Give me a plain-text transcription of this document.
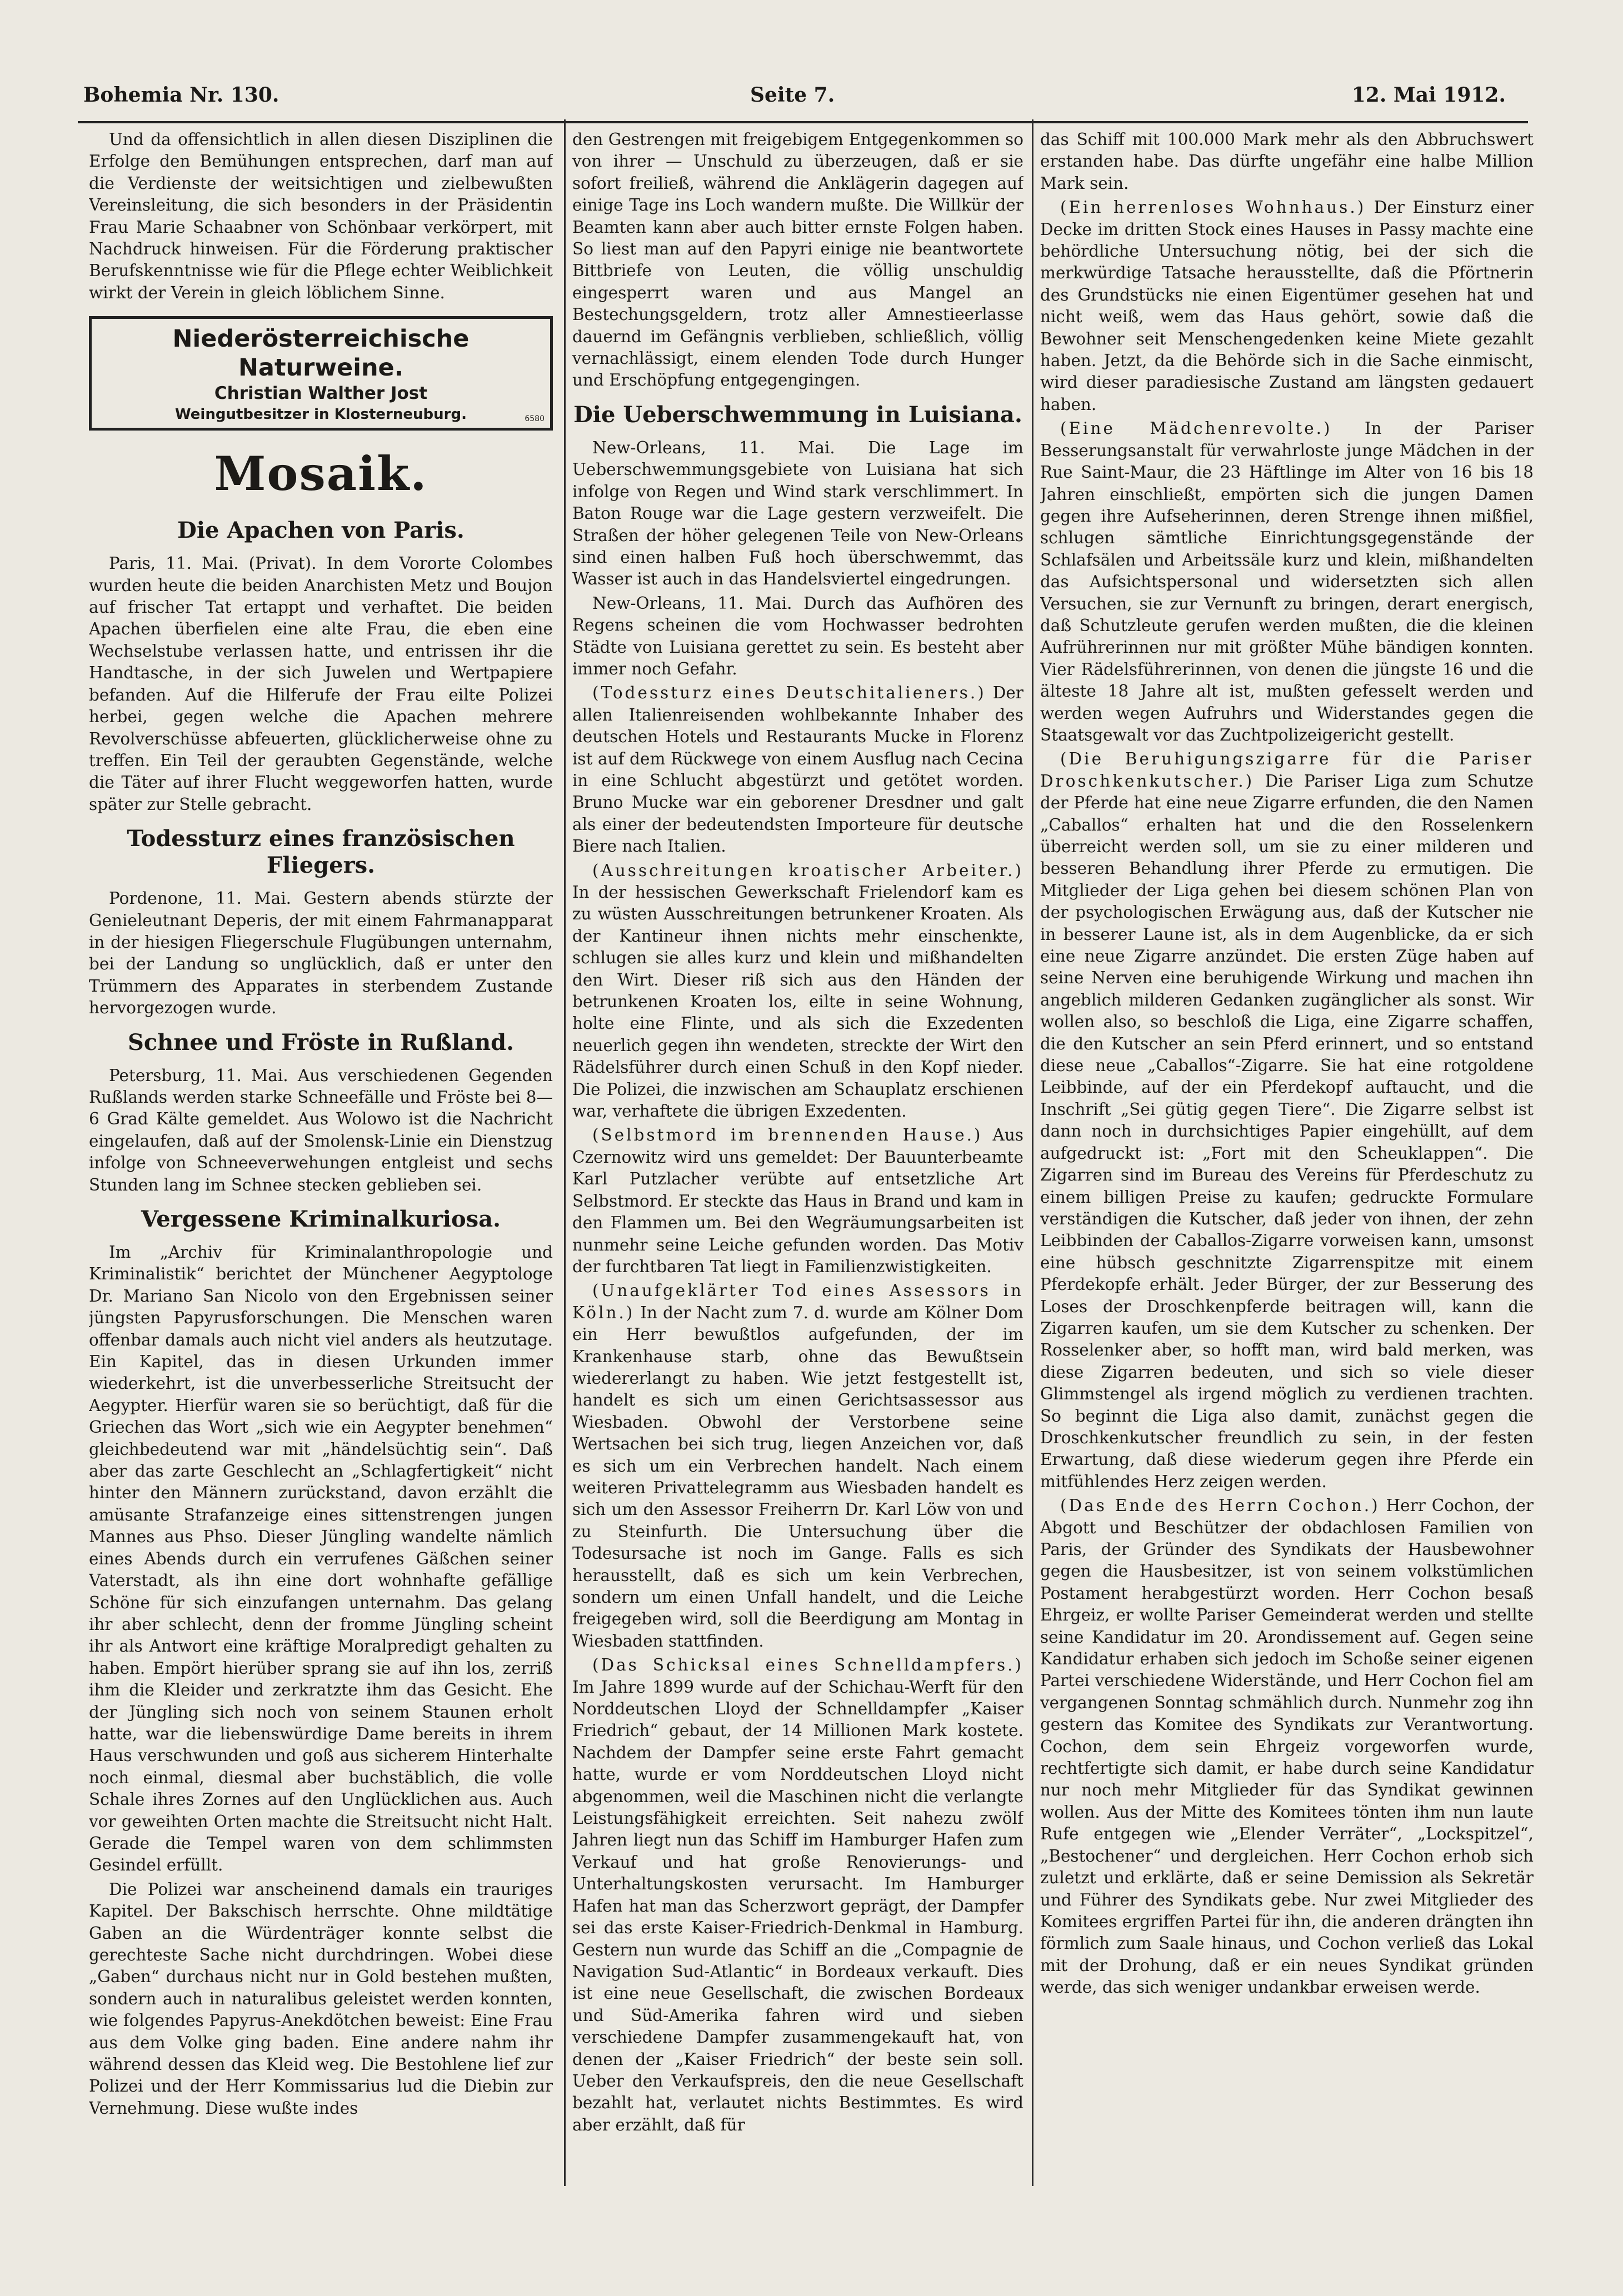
Bohemia Nr. 130.	Seite 7.	12. Mai 1912.

Und da offensichtlich in allen diesen Disziplinen die Erfolge den Bemühungen entsprechen, darf man auf die Verdienste der weitsichtigen und zielbewußten Vereinsleitung, die sich besonders in der Präsidentin Frau Marie Schaabner von Schönbaar verkörpert, mit Nachdruck hinweisen. Für die Förderung praktischer Berufskenntnisse wie für die Pflege echter Weiblichkeit wirkt der Verein in gleich löblichem Sinne.

Niederösterreichische Naturweine.
Christian Walther Jost
Weingutbesitzer in Klosterneuburg.	6580
Mosaik.
Die Apachen von Paris.

Paris, 11. Mai. (Privat). In dem Vororte Colombes wurden heute die beiden Anarchisten Metz und Boujon auf frischer Tat ertappt und verhaftet. Die beiden Apachen überfielen eine alte Frau, die eben eine Wechselstube verlassen hatte, und entrissen ihr die Handtasche, in der sich Juwelen und Wertpapiere befanden. Auf die Hilferufe der Frau eilte Polizei herbei, gegen welche die Apachen mehrere Revolverschüsse abfeuerten, glücklicherweise ohne zu treffen. Ein Teil der geraubten Gegenstände, welche die Täter auf ihrer Flucht weggeworfen hatten, wurde später zur Stelle gebracht.

Todessturz eines französischen Fliegers.

Pordenone, 11. Mai. Gestern abends stürzte der Genieleutnant Deperis, der mit einem Fahrmanapparat in der hiesigen Fliegerschule Flugübungen unternahm, bei der Landung so unglücklich, daß er unter den Trümmern des Apparates in sterbendem Zustande hervorgezogen wurde.

Schnee und Fröste in Rußland.

Petersburg, 11. Mai. Aus verschiedenen Gegenden Rußlands werden starke Schneefälle und Fröste bei 8—6 Grad Kälte gemeldet. Aus Wolowo ist die Nachricht eingelaufen, daß auf der Smolensk-Linie ein Dienstzug infolge von Schneeverwehungen entgleist und sechs Stunden lang im Schnee stecken geblieben sei.

Vergessene Kriminalkuriosa.

Im „Archiv für Kriminalanthropologie und Kriminalistik“ berichtet der Münchener Aegyptologe Dr. Mariano San Nicolo von den Ergebnissen seiner jüngsten Papyrusforschungen. Die Menschen waren offenbar damals auch nicht viel anders als heutzutage. Ein Kapitel, das in diesen Urkunden immer wiederkehrt, ist die unverbesserliche Streitsucht der Aegypter. Hierfür waren sie so berüchtigt, daß für die Griechen das Wort „sich wie ein Aegypter benehmen“ gleichbedeutend war mit „händelsüchtig sein“. Daß aber das zarte Geschlecht an „Schlagfertigkeit“ nicht hinter den Männern zurückstand, davon erzählt die amüsante Strafanzeige eines sittenstrengen jungen Mannes aus Phso. Dieser Jüngling wandelte nämlich eines Abends durch ein verrufenes Gäßchen seiner Vaterstadt, als ihn eine dort wohnhafte gefällige Schöne für sich einzufangen unternahm. Das gelang ihr aber schlecht, denn der fromme Jüngling scheint ihr als Antwort eine kräftige Moralpredigt gehalten zu haben. Empört hierüber sprang sie auf ihn los, zerriß ihm die Kleider und zerkratzte ihm das Gesicht. Ehe der Jüngling sich noch von seinem Staunen erholt hatte, war die liebenswürdige Dame bereits in ihrem Haus verschwunden und goß aus sicherem Hinterhalte noch einmal, diesmal aber buchstäblich, die volle Schale ihres Zornes auf den Unglücklichen aus. Auch vor geweihten Orten machte die Streitsucht nicht Halt. Gerade die Tempel waren von dem schlimmsten Gesindel erfüllt.

Die Polizei war anscheinend damals ein trauriges Kapitel. Der Bakschisch herrschte. Ohne mildtätige Gaben an die Würdenträger konnte selbst die gerechteste Sache nicht durchdringen. Wobei diese „Gaben“ durchaus nicht nur in Gold bestehen mußten, sondern auch in naturalibus geleistet werden konnten, wie folgendes Papyrus-Anekdötchen beweist: Eine Frau aus dem Volke ging baden. Eine andere nahm ihr während dessen das Kleid weg. Die Bestohlene lief zur Polizei und der Herr Kommissarius lud die Diebin zur Vernehmung. Diese wußte indes

den Gestrengen mit freigebigem Entgegenkommen so von ihrer — Unschuld zu überzeugen, daß er sie sofort freiließ, während die Anklägerin dagegen auf einige Tage ins Loch wandern mußte. Die Willkür der Beamten kann aber auch bitter ernste Folgen haben. So liest man auf den Papyri einige nie beantwortete Bittbriefe von Leuten, die völlig unschuldig eingesperrt waren und aus Mangel an Bestechungsgeldern, trotz aller Amnestieerlasse dauernd im Gefängnis verblieben, schließlich, völlig vernachlässigt, einem elenden Tode durch Hunger und Erschöpfung entgegengingen.

Die Ueberschwemmung in Luisiana.

New-Orleans, 11. Mai. Die Lage im Ueberschwemmungsgebiete von Luisiana hat sich infolge von Regen und Wind stark verschlimmert. In Baton Rouge war die Lage gestern verzweifelt. Die Straßen der höher gelegenen Teile von New-Orleans sind einen halben Fuß hoch überschwemmt, das Wasser ist auch in das Handelsviertel eingedrungen.

New-Orleans, 11. Mai. Durch das Aufhören des Regens scheinen die vom Hochwasser bedrohten Städte von Luisiana gerettet zu sein. Es besteht aber immer noch Gefahr.

(Todessturz eines Deutschitalieners.) Der allen Italienreisenden wohlbekannte Inhaber des deutschen Hotels und Restaurants Mucke in Florenz ist auf dem Rückwege von einem Ausflug nach Cecina in eine Schlucht abgestürzt und getötet worden. Bruno Mucke war ein geborener Dresdner und galt als einer der bedeutendsten Importeure für deutsche Biere nach Italien.

(Ausschreitungen kroatischer Arbeiter.) In der hessischen Gewerkschaft Frielendorf kam es zu wüsten Ausschreitungen betrunkener Kroaten. Als der Kantineur ihnen nichts mehr einschenkte, schlugen sie alles kurz und klein und mißhandelten den Wirt. Dieser riß sich aus den Händen der betrunkenen Kroaten los, eilte in seine Wohnung, holte eine Flinte, und als sich die Exzedenten neuerlich gegen ihn wendeten, streckte der Wirt den Rädelsführer durch einen Schuß in den Kopf nieder. Die Polizei, die inzwischen am Schauplatz erschienen war, verhaftete die übrigen Exzedenten.

(Selbstmord im brennenden Hause.) Aus Czernowitz wird uns gemeldet: Der Bauunterbeamte Karl Putzlacher verübte auf entsetzliche Art Selbstmord. Er steckte das Haus in Brand und kam in den Flammen um. Bei den Wegräumungsarbeiten ist nunmehr seine Leiche gefunden worden. Das Motiv der furchtbaren Tat liegt in Familienzwistigkeiten.

(Unaufgeklärter Tod eines Assessors in Köln.) In der Nacht zum 7. d. wurde am Kölner Dom ein Herr bewußtlos aufgefunden, der im Krankenhause starb, ohne das Bewußtsein wiedererlangt zu haben. Wie jetzt festgestellt ist, handelt es sich um einen Gerichtsassessor aus Wiesbaden. Obwohl der Verstorbene seine Wertsachen bei sich trug, liegen Anzeichen vor, daß es sich um ein Verbrechen handelt. Nach einem weiteren Privattelegramm aus Wiesbaden handelt es sich um den Assessor Freiherrn Dr. Karl Löw von und zu Steinfurth. Die Untersuchung über die Todesursache ist noch im Gange. Falls es sich herausstellt, daß es sich um kein Verbrechen, sondern um einen Unfall handelt, und die Leiche freigegeben wird, soll die Beerdigung am Montag in Wiesbaden stattfinden.

(Das Schicksal eines Schnelldampfers.) Im Jahre 1899 wurde auf der Schichau-Werft für den Norddeutschen Lloyd der Schnelldampfer „Kaiser Friedrich“ gebaut, der 14 Millionen Mark kostete. Nachdem der Dampfer seine erste Fahrt gemacht hatte, wurde er vom Norddeutschen Lloyd nicht abgenommen, weil die Maschinen nicht die verlangte Leistungsfähigkeit erreichten. Seit nahezu zwölf Jahren liegt nun das Schiff im Hamburger Hafen zum Verkauf und hat große Renovierungs- und Unterhaltungskosten verursacht. Im Hamburger Hafen hat man das Scherzwort geprägt, der Dampfer sei das erste Kaiser-Friedrich-Denkmal in Hamburg. Gestern nun wurde das Schiff an die „Compagnie de Navigation Sud-Atlantic“ in Bordeaux verkauft. Dies ist eine neue Gesellschaft, die zwischen Bordeaux und Süd-Amerika fahren wird und sieben verschiedene Dampfer zusammengekauft hat, von denen der „Kaiser Friedrich“ der beste sein soll. Ueber den Verkaufspreis, den die neue Gesellschaft bezahlt hat, verlautet nichts Bestimmtes. Es wird aber erzählt, daß für

das Schiff mit 100.000 Mark mehr als den Abbruchswert erstanden habe. Das dürfte ungefähr eine halbe Million Mark sein.

(Ein herrenloses Wohnhaus.) Der Einsturz einer Decke im dritten Stock eines Hauses in Passy machte eine behördliche Untersuchung nötig, bei der sich die merkwürdige Tatsache herausstellte, daß die Pförtnerin des Grundstücks nie einen Eigentümer gesehen hat und nicht weiß, wem das Haus gehört, sowie daß die Bewohner seit Menschengedenken keine Miete gezahlt haben. Jetzt, da die Behörde sich in die Sache einmischt, wird dieser paradiesische Zustand am längsten gedauert haben.

(Eine Mädchenrevolte.) In der Pariser Besserungsanstalt für verwahrloste junge Mädchen in der Rue Saint-Maur, die 23 Häftlinge im Alter von 16 bis 18 Jahren einschließt, empörten sich die jungen Damen gegen ihre Aufseherinnen, deren Strenge ihnen mißfiel, schlugen sämtliche Einrichtungsgegenstände der Schlafsälen und Arbeitssäle kurz und klein, mißhandelten das Aufsichtspersonal und widersetzten sich allen Versuchen, sie zur Vernunft zu bringen, derart energisch, daß Schutzleute gerufen werden mußten, die die kleinen Aufrührerinnen nur mit größter Mühe bändigen konnten. Vier Rädelsführerinnen, von denen die jüngste 16 und die älteste 18 Jahre alt ist, mußten gefesselt werden und werden wegen Aufruhrs und Widerstandes gegen die Staatsgewalt vor das Zuchtpolizeigericht gestellt.

(Die Beruhigungszigarre für die Pariser Droschkenkutscher.) Die Pariser Liga zum Schutze der Pferde hat eine neue Zigarre erfunden, die den Namen „Caballos“ erhalten hat und die den Rosselenkern überreicht werden soll, um sie zu einer milderen und besseren Behandlung ihrer Pferde zu ermutigen. Die Mitglieder der Liga gehen bei diesem schönen Plan von der psychologischen Erwägung aus, daß der Kutscher nie in besserer Laune ist, als in dem Augenblicke, da er sich eine neue Zigarre anzündet. Die ersten Züge haben auf seine Nerven eine beruhigende Wirkung und machen ihn angeblich milderen Gedanken zugänglicher als sonst. Wir wollen also, so beschloß die Liga, eine Zigarre schaffen, die den Kutscher an sein Pferd erinnert, und so entstand diese neue „Caballos“-Zigarre. Sie hat eine rotgoldene Leibbinde, auf der ein Pferdekopf auftaucht, und die Inschrift „Sei gütig gegen Tiere“. Die Zigarre selbst ist dann noch in durchsichtiges Papier eingehüllt, auf dem aufgedruckt ist: „Fort mit den Scheuklappen“. Die Zigarren sind im Bureau des Vereins für Pferdeschutz zu einem billigen Preise zu kaufen; gedruckte Formulare verständigen die Kutscher, daß jeder von ihnen, der zehn Leibbinden der Caballos-Zigarre vorweisen kann, umsonst eine hübsch geschnitzte Zigarrenspitze mit einem Pferdekopfe erhält. Jeder Bürger, der zur Besserung des Loses der Droschkenpferde beitragen will, kann die Zigarren kaufen, um sie dem Kutscher zu schenken. Der Rosselenker aber, so hofft man, wird bald merken, was diese Zigarren bedeuten, und sich so viele dieser Glimmstengel als irgend möglich zu verdienen trachten. So beginnt die Liga also damit, zunächst gegen die Droschkenkutscher freundlich zu sein, in der festen Erwartung, daß diese wiederum gegen ihre Pferde ein mitfühlendes Herz zeigen werden.

(Das Ende des Herrn Cochon.) Herr Cochon, der Abgott und Beschützer der obdachlosen Familien von Paris, der Gründer des Syndikats der Hausbewohner gegen die Hausbesitzer, ist von seinem volkstümlichen Postament herabgestürzt worden. Herr Cochon besaß Ehrgeiz, er wollte Pariser Gemeinderat werden und stellte seine Kandidatur im 20. Arondissement auf. Gegen seine Kandidatur erhaben sich jedoch im Schoße seiner eigenen Partei verschiedene Widerstände, und Herr Cochon fiel am vergangenen Sonntag schmählich durch. Nunmehr zog ihn gestern das Komitee des Syndikats zur Verantwortung. Cochon, dem sein Ehrgeiz vorgeworfen wurde, rechtfertigte sich damit, er habe durch seine Kandidatur nur noch mehr Mitglieder für das Syndikat gewinnen wollen. Aus der Mitte des Komitees tönten ihm nun laute Rufe entgegen wie „Elender Verräter“, „Lockspitzel“, „Bestochener“ und dergleichen. Herr Cochon erhob sich zuletzt und erklärte, daß er seine Demission als Sekretär und Führer des Syndikats gebe. Nur zwei Mitglieder des Komitees ergriffen Partei für ihn, die anderen drängten ihn förmlich zum Saale hinaus, und Cochon verließ das Lokal mit der Drohung, daß er ein neues Syndikat gründen werde, das sich weniger undankbar erweisen werde.
